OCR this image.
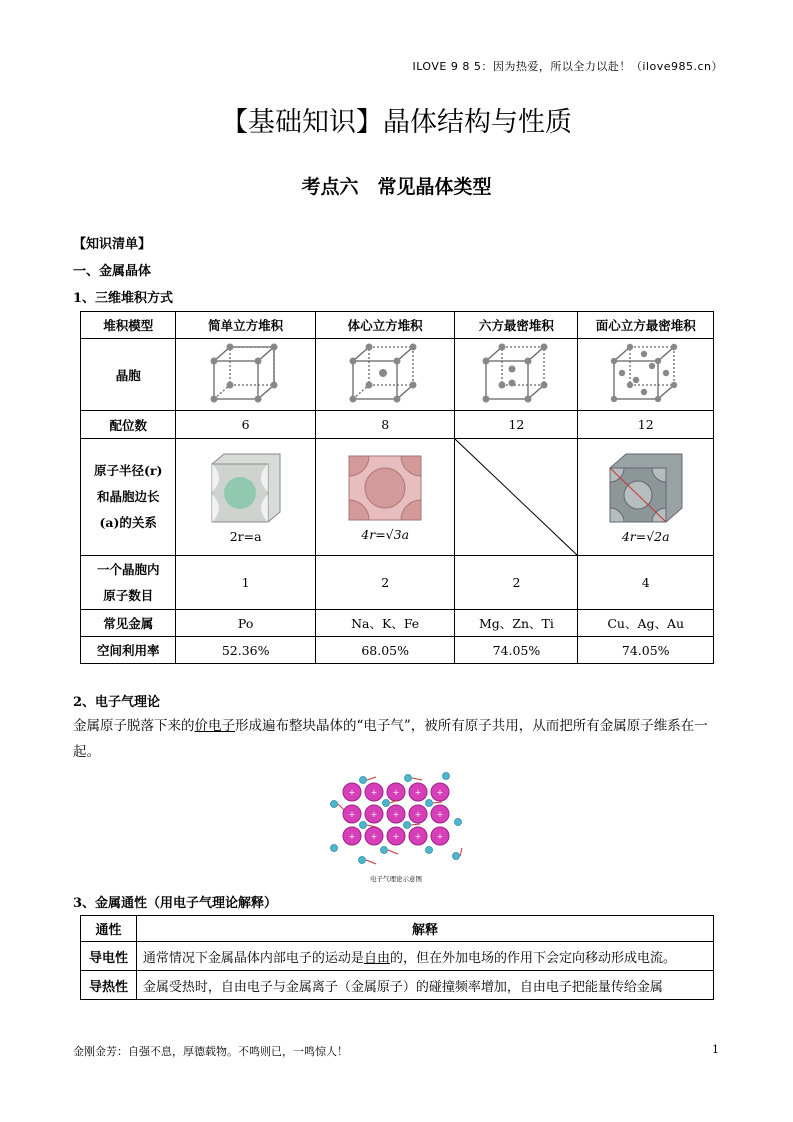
ILOVE 9 8 5：因为热爱，所以全力以赴！（ilove985.cn）
【基础知识】晶体结构与性质
考点六　常见晶体类型
【知识清单】
一、金属晶体
1、三维堆积方式
堆积模型	简单立方堆积	体心立方堆积	六方最密堆积	面心立方最密堆积
晶胞				
配位数	6	8	12	12

原子半径(r)
和晶胞边长
(a)的关系	2r=a	4r=√3a		4r=√2a

一个晶胞内
原子数目	1	2	2	4
常见金属	Po	Na、K、Fe	Mg、Zn、Ti	Cu、Ag、Au
空间利用率	52.36%	68.05%	74.05%	74.05%
2、电子气理论
金属原子脱落下来的价电子形成遍布整块晶体的“电子气”，被所有原子共用，从而把所有金属原子维系在一
起。
+ + + + +
+ + + + +
+ + + + +
电子气理论示意图
3、金属通性（用电子气理论解释）
通性	解释
导电性	通常情况下金属晶体内部电子的运动是自由的，但在外加电场的作用下会定向移动形成电流。
导热性	金属受热时，自由电子与金属离子（金属原子）的碰撞频率增加，自由电子把能量传给金属
金刚金芳：自强不息，厚德载物。不鸣则已，一鸣惊人！	1
